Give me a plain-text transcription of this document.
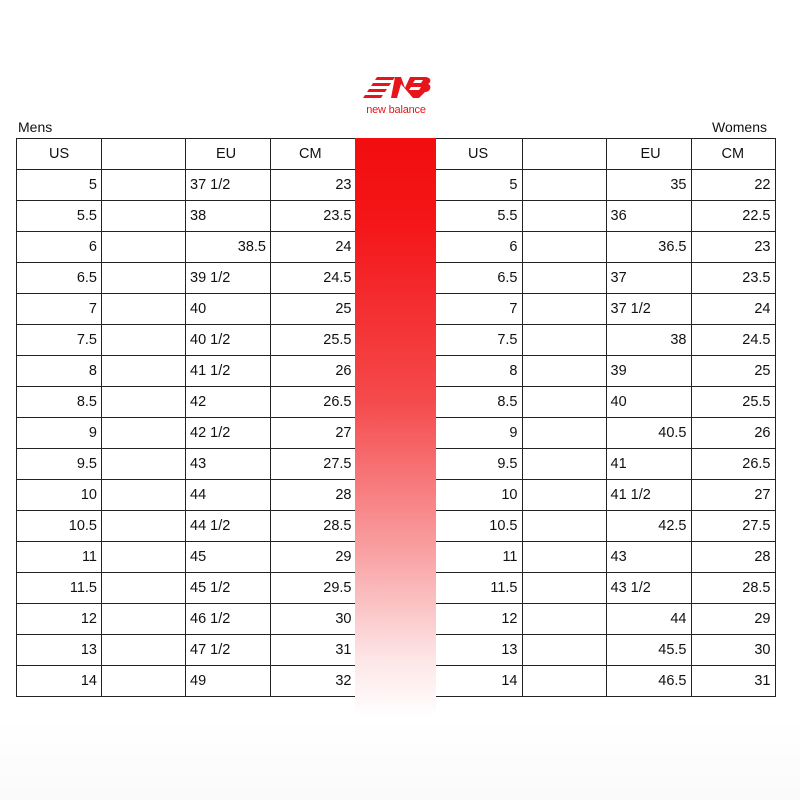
new balance
Mens	Womens
US		EU	CM
5		37 1/2	23
5.5		38	23.5
6		38.5	24
6.5		39 1/2	24.5
7		40	25
7.5		40 1/2	25.5
8		41 1/2	26
8.5		42	26.5
9		42 1/2	27
9.5		43	27.5
10		44	28
10.5		44 1/2	28.5
11		45	29
11.5		45 1/2	29.5
12		46 1/2	30
13		47 1/2	31
14		49	32
US		EU	CM
5		35	22
5.5		36	22.5
6		36.5	23
6.5		37	23.5
7		37 1/2	24
7.5		38	24.5
8		39	25
8.5		40	25.5
9		40.5	26
9.5		41	26.5
10		41 1/2	27
10.5		42.5	27.5
11		43	28
11.5		43 1/2	28.5
12		44	29
13		45.5	30
14		46.5	31
